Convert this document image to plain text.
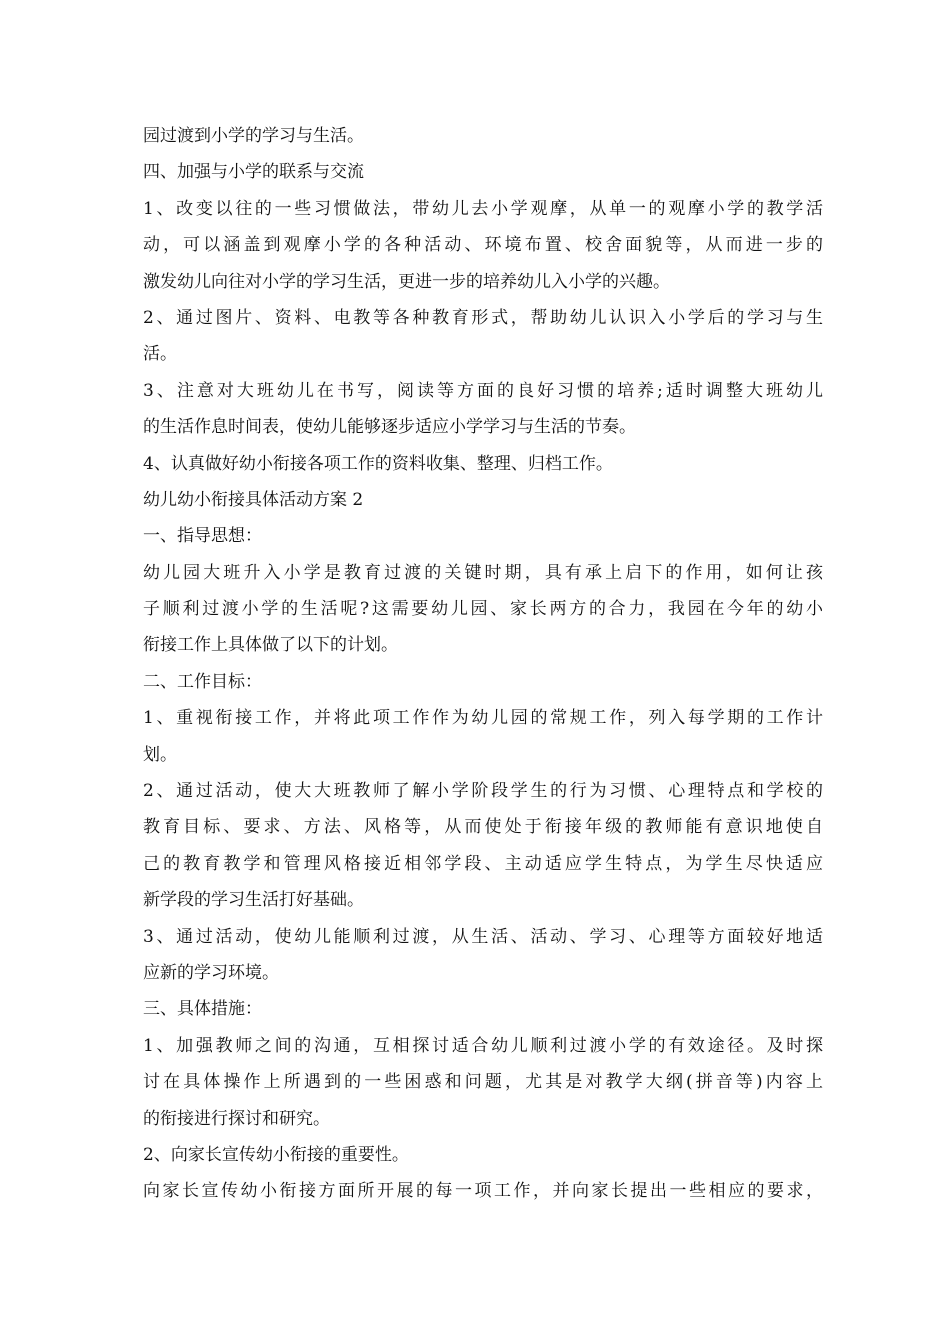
园过渡到小学的学习与生活。
四、加强与小学的联系与交流
1、改变以往的一些习惯做法，带幼儿去小学观摩，从单一的观摩小学的教学活
动，可以涵盖到观摩小学的各种活动、环境布置、校舍面貌等，从而进一步的
激发幼儿向往对小学的学习生活，更进一步的培养幼儿入小学的兴趣。
2、通过图片、资料、电教等各种教育形式，帮助幼儿认识入小学后的学习与生
活。
3、注意对大班幼儿在书写，阅读等方面的良好习惯的培养;适时调整大班幼儿
的生活作息时间表，使幼儿能够逐步适应小学学习与生活的节奏。
4、认真做好幼小衔接各项工作的资料收集、整理、归档工作。
幼儿幼小衔接具体活动方案 2
一、指导思想：
幼儿园大班升入小学是教育过渡的关键时期，具有承上启下的作用，如何让孩
子顺利过渡小学的生活呢?这需要幼儿园、家长两方的合力，我园在今年的幼小
衔接工作上具体做了以下的计划。
二、工作目标：
1、重视衔接工作，并将此项工作作为幼儿园的常规工作，列入每学期的工作计
划。
2、通过活动，使大大班教师了解小学阶段学生的行为习惯、心理特点和学校的
教育目标、要求、方法、风格等，从而使处于衔接年级的教师能有意识地使自
己的教育教学和管理风格接近相邻学段、主动适应学生特点，为学生尽快适应
新学段的学习生活打好基础。
3、通过活动，使幼儿能顺利过渡，从生活、活动、学习、心理等方面较好地适
应新的学习环境。
三、具体措施：
1、加强教师之间的沟通，互相探讨适合幼儿顺利过渡小学的有效途径。及时探
讨在具体操作上所遇到的一些困惑和问题，尤其是对教学大纲(拼音等)内容上
的衔接进行探讨和研究。
2、向家长宣传幼小衔接的重要性。
向家长宣传幼小衔接方面所开展的每一项工作，并向家长提出一些相应的要求，
